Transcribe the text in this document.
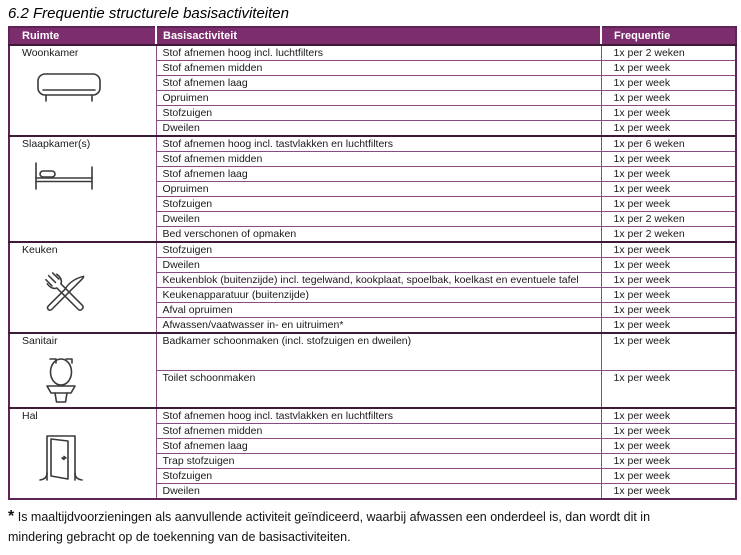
6.2 Frequentie structurele basisactiviteiten
Ruimte	Basisactiviteit	Frequentie

Woonkamer	Stof afnemen hoog incl. luchtfilters	1x per 2 weken
	Stof afnemen midden	1x per week
	Stof afnemen laag	1x per week
	Opruimen	1x per week
	Stofzuigen	1x per week
	Dweilen	1x per week

Slaapkamer(s)	Stof afnemen hoog incl. tastvlakken en luchtfilters	1x per 6 weken
	Stof afnemen midden	1x per week
	Stof afnemen laag	1x per week
	Opruimen	1x per week
	Stofzuigen	1x per week
	Dweilen	1x per 2 weken
	Bed verschonen of opmaken	1x per 2 weken

Keuken	Stofzuigen	1x per week
	Dweilen	1x per week
	Keukenblok (buitenzijde) incl. tegelwand, kookplaat, spoelbak, koelkast en eventuele tafel	1x per week
	Keukenapparatuur (buitenzijde)	1x per week
	Afval opruimen	1x per week
	Afwassen/vaatwasser in- en uitruimen*	1x per week

Sanitair	Badkamer schoonmaken (incl. stofzuigen en dweilen)	1x per week
	Toilet schoonmaken	1x per week

Hal	Stof afnemen hoog incl. tastvlakken en luchtfilters	1x per week
	Stof afnemen midden	1x per week
	Stof afnemen laag	1x per week
	Trap stofzuigen	1x per week
	Stofzuigen	1x per week
	Dweilen	1x per week
* Is maaltijdvoorzieningen als aanvullende activiteit geïndiceerd, waarbij afwassen een onderdeel is, dan wordt dit in
mindering gebracht op de toekenning van de basisactiviteiten.
